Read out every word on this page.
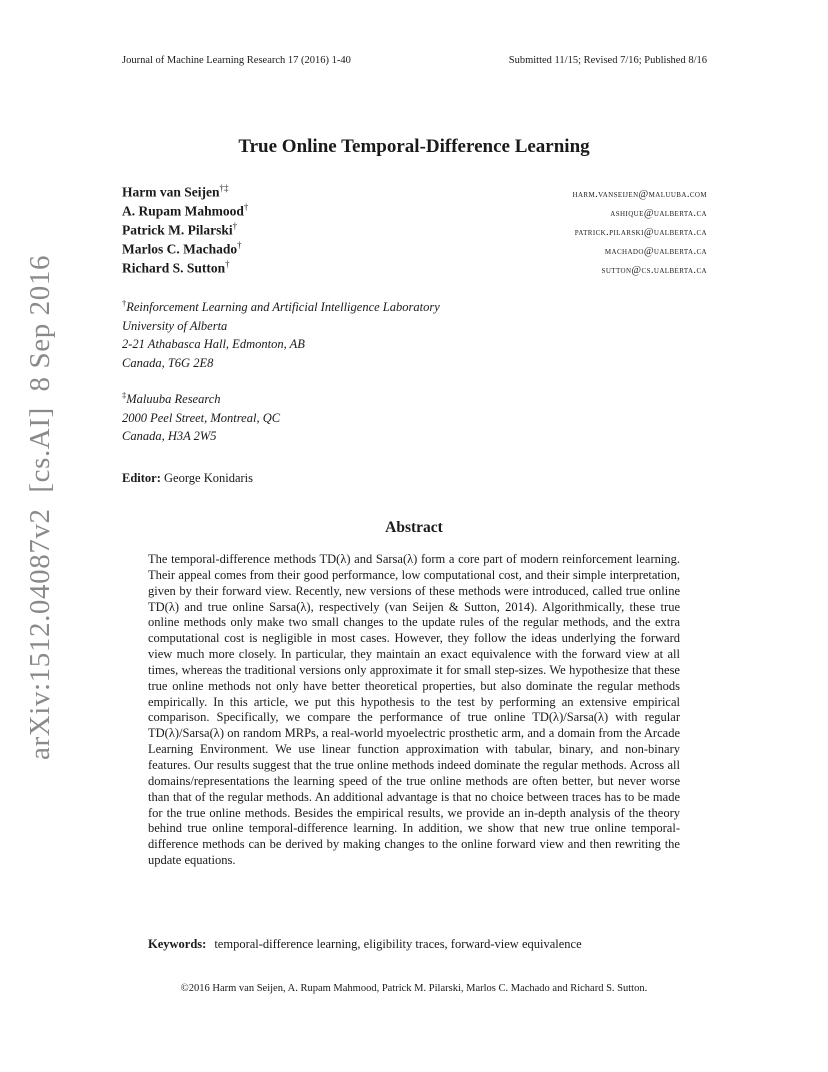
Journal of Machine Learning Research 17 (2016) 1-40	Submitted 11/15; Revised 7/16; Published 8/16
True Online Temporal-Difference Learning
Harm van Seijen†‡
harm.vanseijen@maluuba.com
A. Rupam Mahmood†
ashique@ualberta.ca
Patrick M. Pilarski†
patrick.pilarski@ualberta.ca
Marlos C. Machado†
machado@ualberta.ca
Richard S. Sutton†
sutton@cs.ualberta.ca
†Reinforcement Learning and Artificial Intelligence Laboratory
University of Alberta
2-21 Athabasca Hall, Edmonton, AB
Canada, T6G 2E8
‡Maluuba Research
2000 Peel Street, Montreal, QC
Canada, H3A 2W5
Editor: George Konidaris
Abstract
The temporal-difference methods TD(λ) and Sarsa(λ) form a core part of modern reinforcement learning. Their appeal comes from their good performance, low computational cost, and their simple interpretation, given by their forward view. Recently, new versions of these methods were introduced, called true online TD(λ) and true online Sarsa(λ), respectively (van Seijen & Sutton, 2014). Algorithmically, these true online methods only make two small changes to the update rules of the regular methods, and the extra computational cost is negligible in most cases. However, they follow the ideas underlying the forward view much more closely. In particular, they maintain an exact equivalence with the forward view at all times, whereas the traditional versions only approximate it for small step-sizes. We hypothesize that these true online methods not only have better theoretical properties, but also dominate the regular methods empirically. In this article, we put this hypothesis to the test by performing an extensive empirical comparison. Specifically, we compare the performance of true online TD(λ)/Sarsa(λ) with regular TD(λ)/Sarsa(λ) on random MRPs, a real-world myoelectric prosthetic arm, and a domain from the Arcade Learning Environment. We use linear function approximation with tabular, binary, and non-binary features. Our results suggest that the true online methods indeed dominate the regular methods. Across all domains/representations the learning speed of the true online methods are often better, but never worse than that of the regular methods. An additional advantage is that no choice between traces has to be made for the true online methods. Besides the empirical results, we provide an in-depth analysis of the theory behind true online temporal-difference learning. In addition, we show that new true online temporal-difference methods can be derived by making changes to the online forward view and then rewriting the update equations.
Keywords: temporal-difference learning, eligibility traces, forward-view equivalence
©2016 Harm van Seijen, A. Rupam Mahmood, Patrick M. Pilarski, Marlos C. Machado and Richard S. Sutton.
arXiv:1512.04087v2  [cs.AI]  8 Sep 2016
